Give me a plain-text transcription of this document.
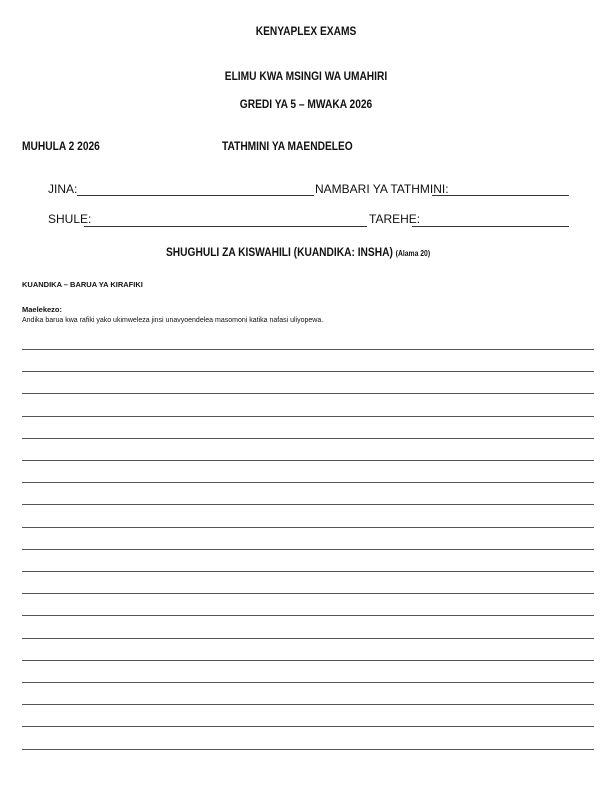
KENYAPLEX EXAMS
ELIMU KWA MSINGI WA UMAHIRI
GREDI YA 5 – MWAKA 2026
MUHULA 2 2026	TATHMINI YA MAENDELEO
JINA:	NAMBARI YA TATHMINI:
SHULE:	TAREHE:
SHUGHULI ZA KISWAHILI (KUANDIKA: INSHA) (Alama 20)
KUANDIKA – BARUA YA KIRAFIKI
Maelekezo:
Andika barua kwa rafiki yako ukimweleza jinsi unavyoendelea masomoni katika nafasi uliyopewa.
